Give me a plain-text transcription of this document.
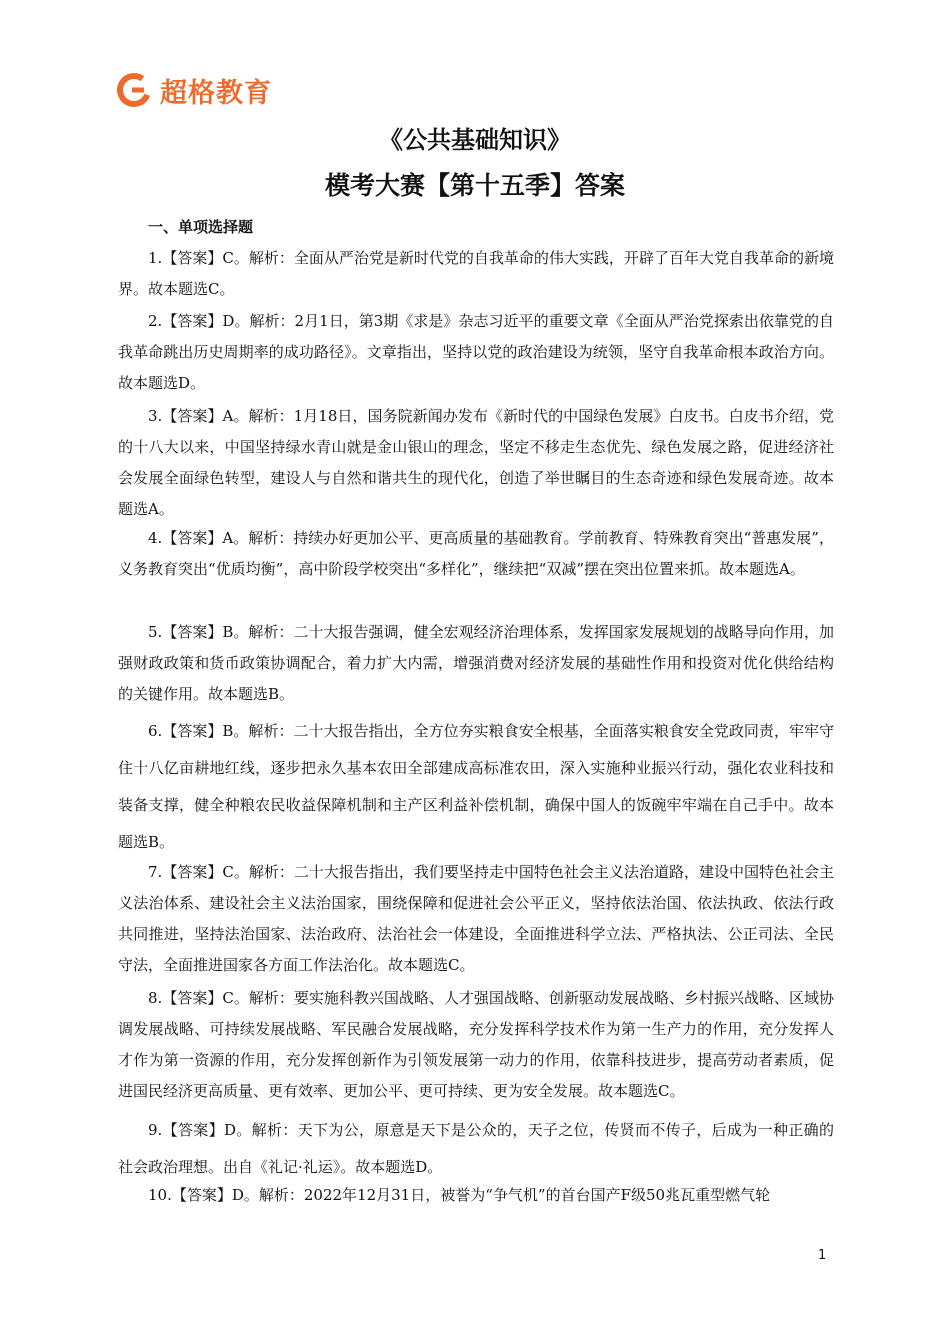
超格教育
《公共基础知识》
模考大赛【第十五季】答案
一、单项选择题

1.【答案】C。解析：全面从严治党是新时代党的自我革命的伟大实践，开辟了百年大党自我革命的新境界。故本题选C。

2.【答案】D。解析：2月1日，第3期《求是》杂志习近平的重要文章《全面从严治党探索出依靠党的自我革命跳出历史周期率的成功路径》。文章指出，坚持以党的政治建设为统领，坚守自我革命根本政治方向。故本题选D。

3.【答案】A。解析：1月18日，国务院新闻办发布《新时代的中国绿色发展》白皮书。白皮书介绍，党的十八大以来，中国坚持绿水青山就是金山银山的理念，坚定不移走生态优先、绿色发展之路，促进经济社会发展全面绿色转型，建设人与自然和谐共生的现代化，创造了举世瞩目的生态奇迹和绿色发展奇迹。故本题选A。

4.【答案】A。解析：持续办好更加公平、更高质量的基础教育。学前教育、特殊教育突出“普惠发展”，义务教育突出“优质均衡”，高中阶段学校突出“多样化”，继续把“双减”摆在突出位置来抓。故本题选A。

5.【答案】B。解析：二十大报告强调，健全宏观经济治理体系，发挥国家发展规划的战略导向作用，加强财政政策和货币政策协调配合，着力扩大内需，增强消费对经济发展的基础性作用和投资对优化供给结构的关键作用。故本题选B。

6.【答案】B。解析：二十大报告指出，全方位夯实粮食安全根基，全面落实粮食安全党政同责，牢牢守住十八亿亩耕地红线，逐步把永久基本农田全部建成高标准农田，深入实施种业振兴行动，强化农业科技和装备支撑，健全种粮农民收益保障机制和主产区利益补偿机制，确保中国人的饭碗牢牢端在自己手中。故本题选B。

7.【答案】C。解析：二十大报告指出，我们要坚持走中国特色社会主义法治道路，建设中国特色社会主义法治体系、建设社会主义法治国家，围绕保障和促进社会公平正义，坚持依法治国、依法执政、依法行政共同推进，坚持法治国家、法治政府、法治社会一体建设，全面推进科学立法、严格执法、公正司法、全民守法，全面推进国家各方面工作法治化。故本题选C。

8.【答案】C。解析：要实施科教兴国战略、人才强国战略、创新驱动发展战略、乡村振兴战略、区域协调发展战略、可持续发展战略、军民融合发展战略，充分发挥科学技术作为第一生产力的作用，充分发挥人才作为第一资源的作用，充分发挥创新作为引领发展第一动力的作用，依靠科技进步，提高劳动者素质，促进国民经济更高质量、更有效率、更加公平、更可持续、更为安全发展。故本题选C。

9.【答案】D。解析：天下为公，原意是天下是公众的，天子之位，传贤而不传子，后成为一种正确的社会政治理想。出自《礼记·礼运》。故本题选D。

10.【答案】D。解析：2022年12月31日，被誉为“争气机”的首台国产F级50兆瓦重型燃气轮

1
